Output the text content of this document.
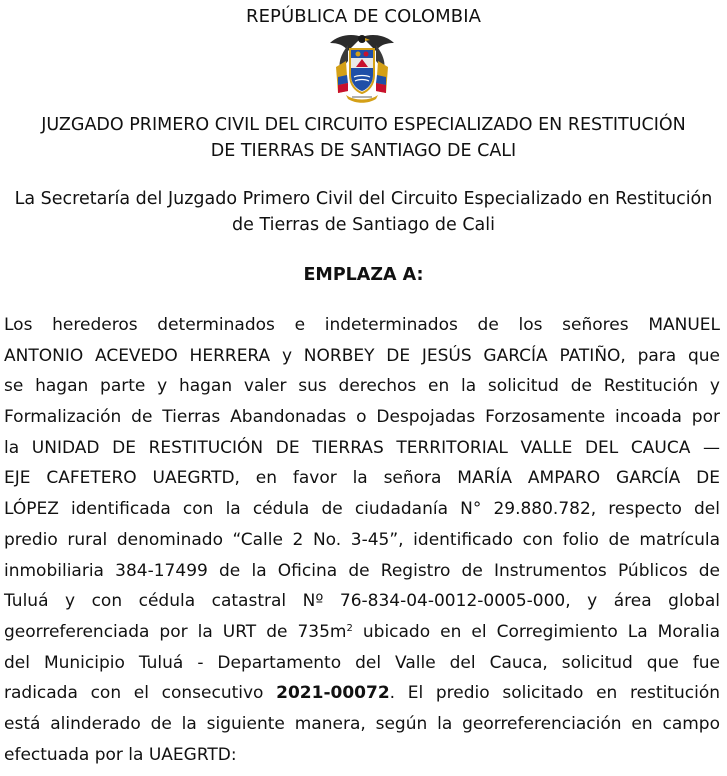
REPÚBLICA DE COLOMBIA
JUZGADO PRIMERO CIVIL DEL CIRCUITO ESPECIALIZADO EN RESTITUCIÓN
DE TIERRAS DE SANTIAGO DE CALI
La Secretaría del Juzgado Primero Civil del Circuito Especializado en Restitución
de Tierras de Santiago de Cali
EMPLAZA A:
Los herederos determinados e indeterminados de los señores MANUEL
ANTONIO ACEVEDO HERRERA y NORBEY DE JESÚS GARCÍA PATIÑO, para que
se hagan parte y hagan valer sus derechos en la solicitud de Restitución y
Formalización de Tierras Abandonadas o Despojadas Forzosamente incoada por
la UNIDAD DE RESTITUCIÓN DE TIERRAS TERRITORIAL VALLE DEL CAUCA —
EJE CAFETERO UAEGRTD, en favor la señora MARÍA AMPARO GARCÍA DE
LÓPEZ identificada con la cédula de ciudadanía N° 29.880.782, respecto del
predio rural denominado “Calle 2 No. 3-45”, identificado con folio de matrícula
inmobiliaria 384-17499 de la Oficina de Registro de Instrumentos Públicos de
Tuluá y con cédula catastral Nº 76-834-04-0012-0005-000, y área global
georreferenciada por la URT de $735m^2$ ubicado en el Corregimiento La Moralia
del Municipio Tuluá - Departamento del Valle del Cauca, solicitud que fue
radicada con el consecutivo 2021-00072. El predio solicitado en restitución
está alinderado de la siguiente manera, según la georreferenciación en campo
efectuada por la UAEGRTD:
